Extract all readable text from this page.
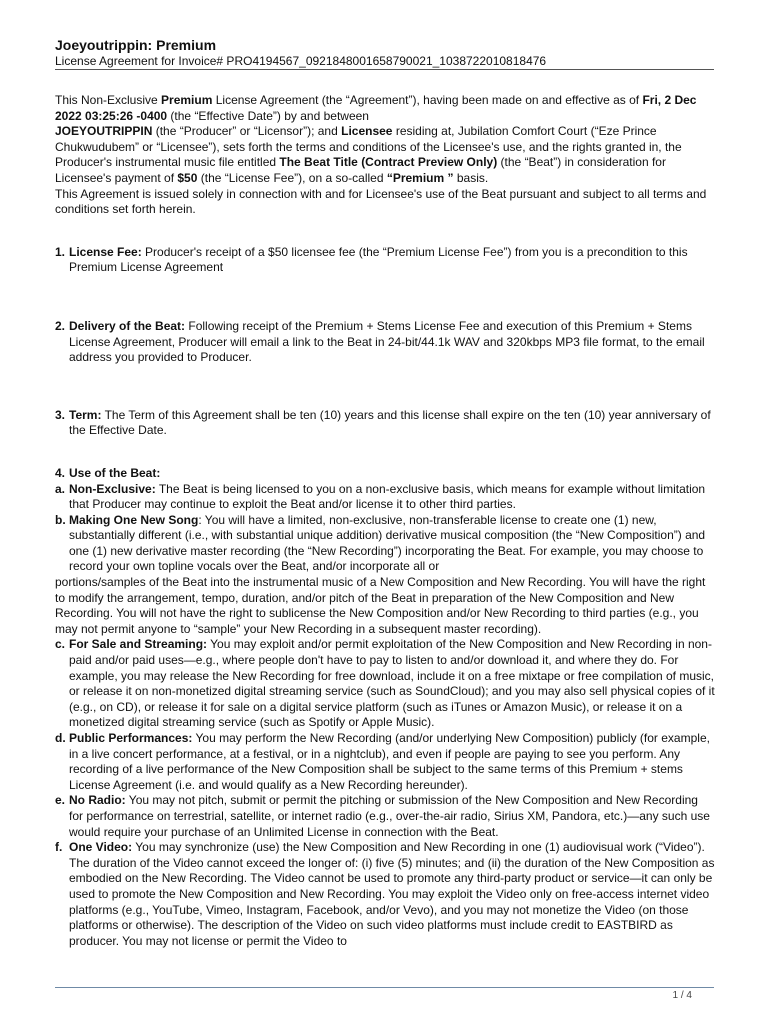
Joeyoutrippin: Premium
License Agreement for Invoice# PRO4194567_0921848001658790021_1038722010818476

This Non-Exclusive Premium License Agreement (the “Agreement”), having been made on and effective as of Fri, 2 Dec 2022 03:25:26 -0400 (the “Effective Date”) by and between

JOEYOUTRIPPIN (the “Producer” or “Licensor”); and Licensee residing at, Jubilation Comfort Court (“Eze Prince Chukwudubem” or “Licensee”), sets forth the terms and conditions of the Licensee's use, and the rights granted in, the Producer's instrumental music file entitled The Beat Title (Contract Preview Only) (the “Beat”) in consideration for Licensee's payment of $50 (the “License Fee”), on a so-called “Premium ” basis.

This Agreement is issued solely in connection with and for Licensee's use of the Beat pursuant and subject to all terms and conditions set forth herein.

1. License Fee: Producer's receipt of a $50 licensee fee (the “Premium License Fee”) from you is a precondition to this Premium License Agreement
2. Delivery of the Beat: Following receipt of the Premium + Stems License Fee and execution of this Premium + Stems License Agreement, Producer will email a link to the Beat in 24-bit/44.1k WAV and 320kbps MP3 file format, to the email address you provided to Producer.
3. Term: The Term of this Agreement shall be ten (10) years and this license shall expire on the ten (10) year anniversary of the Effective Date.
4. Use of the Beat:
a. Non-Exclusive: The Beat is being licensed to you on a non-exclusive basis, which means for example without limitation that Producer may continue to exploit the Beat and/or license it to other third parties.
b. Making One New Song: You will have a limited, non-exclusive, non-transferable license to create one (1) new, substantially different (i.e., with substantial unique addition) derivative musical composition (the “New Composition”) and one (1) new derivative master recording (the “New Recording”) incorporating the Beat. For example, you may choose to record your own topline vocals over the Beat, and/or incorporate all or
portions/samples of the Beat into the instrumental music of a New Composition and New Recording. You will have the right to modify the arrangement, tempo, duration, and/or pitch of the Beat in preparation of the New Composition and New Recording. You will not have the right to sublicense the New Composition and/or New Recording to third parties (e.g., you may not permit anyone to “sample” your New Recording in a subsequent master recording).
c. For Sale and Streaming: You may exploit and/or permit exploitation of the New Composition and New Recording in non-paid and/or paid uses—e.g., where people don't have to pay to listen to and/or download it, and where they do. For example, you may release the New Recording for free download, include it on a free mixtape or free compilation of music, or release it on non-monetized digital streaming service (such as SoundCloud); and you may also sell physical copies of it (e.g., on CD), or release it for sale on a digital service platform (such as iTunes or Amazon Music), or release it on a monetized digital streaming service (such as Spotify or Apple Music).
d. Public Performances: You may perform the New Recording (and/or underlying New Composition) publicly (for example, in a live concert performance, at a festival, or in a nightclub), and even if people are paying to see you perform. Any recording of a live performance of the New Composition shall be subject to the same terms of this Premium + stems License Agreement (i.e. and would qualify as a New Recording hereunder).
e. No Radio: You may not pitch, submit or permit the pitching or submission of the New Composition and New Recording for performance on terrestrial, satellite, or internet radio (e.g., over-the-air radio, Sirius XM, Pandora, etc.)—any such use would require your purchase of an Unlimited License in connection with the Beat.
f. One Video: You may synchronize (use) the New Composition and New Recording in one (1) audiovisual work (“Video”). The duration of the Video cannot exceed the longer of: (i) five (5) minutes; and (ii) the duration of the New Composition as embodied on the New Recording. The Video cannot be used to promote any third-party product or service—it can only be used to promote the New Composition and New Recording. You may exploit the Video only on free-access internet video platforms (e.g., YouTube, Vimeo, Instagram, Facebook, and/or Vevo), and you may not monetize the Video (on those platforms or otherwise). The description of the Video on such video platforms must include credit to EASTBIRD as producer. You may not license or permit the Video to
1 / 4
